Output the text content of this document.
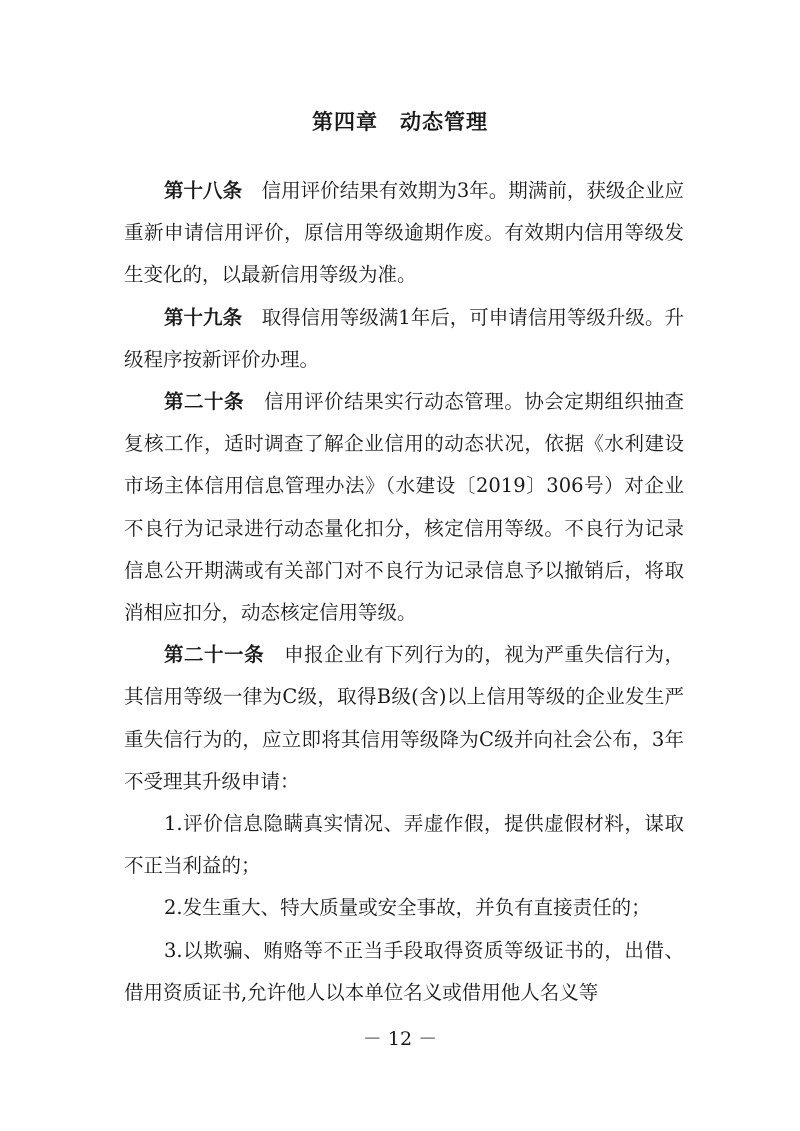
第四章　动态管理

第十八条　信用评价结果有效期为3年。期满前，获级企业应重新申请信用评价，原信用等级逾期作废。有效期内信用等级发生变化的，以最新信用等级为准。

第十九条　取得信用等级满1年后，可申请信用等级升级。升级程序按新评价办理。

第二十条　信用评价结果实行动态管理。协会定期组织抽查复核工作，适时调查了解企业信用的动态状况，依据《水利建设市场主体信用信息管理办法》（水建设〔2019〕306号）对企业不良行为记录进行动态量化扣分，核定信用等级。不良行为记录信息公开期满或有关部门对不良行为记录信息予以撤销后，将取消相应扣分，动态核定信用等级。

第二十一条　申报企业有下列行为的，视为严重失信行为，其信用等级一律为C级，取得B级(含)以上信用等级的企业发生严重失信行为的，应立即将其信用等级降为C级并向社会公布，3年不受理其升级申请：

1.评价信息隐瞒真实情况、弄虚作假，提供虚假材料，谋取不正当利益的；

2.发生重大、特大质量或安全事故，并负有直接责任的；

3.以欺骗、贿赂等不正当手段取得资质等级证书的，出借、借用资质证书,允许他人以本单位名义或借用他人名义等

－ 12 －
